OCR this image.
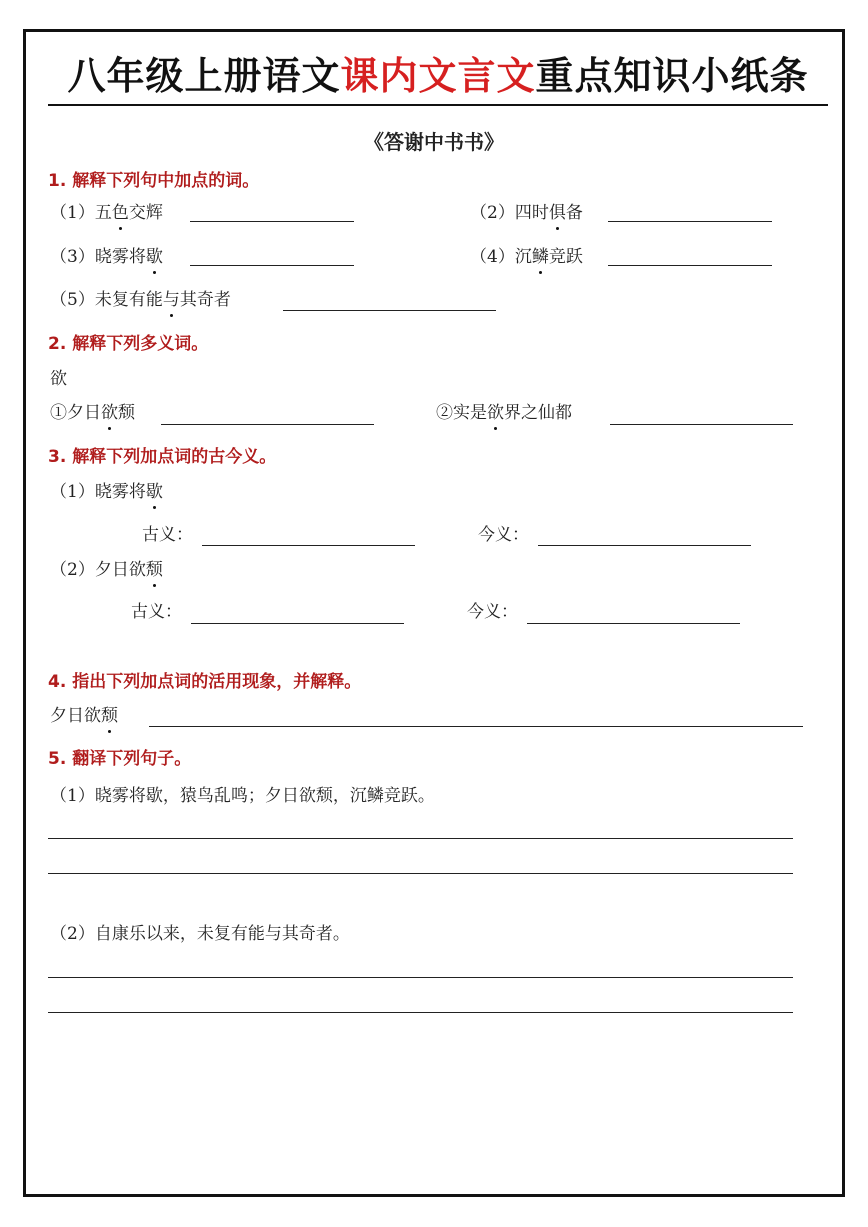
八年级上册语文课内文言文重点知识小纸条
《答谢中书书》
1. 解释下列句中加点的词。
（1）五色交辉	（2）四时俱备
（3）晓雾将歇	（4）沉鳞竞跃
（5）未复有能与其奇者
2. 解释下列多义词。
欲
①夕日欲颓	②实是欲界之仙都
3. 解释下列加点词的古今义。
（1）晓雾将歇
古义：	今义：
（2）夕日欲颓
古义：	今义：
4. 指出下列加点词的活用现象，并解释。
夕日欲颓
5. 翻译下列句子。
（1）晓雾将歇，猿鸟乱鸣；夕日欲颓，沉鳞竞跃。
（2）自康乐以来，未复有能与其奇者。
